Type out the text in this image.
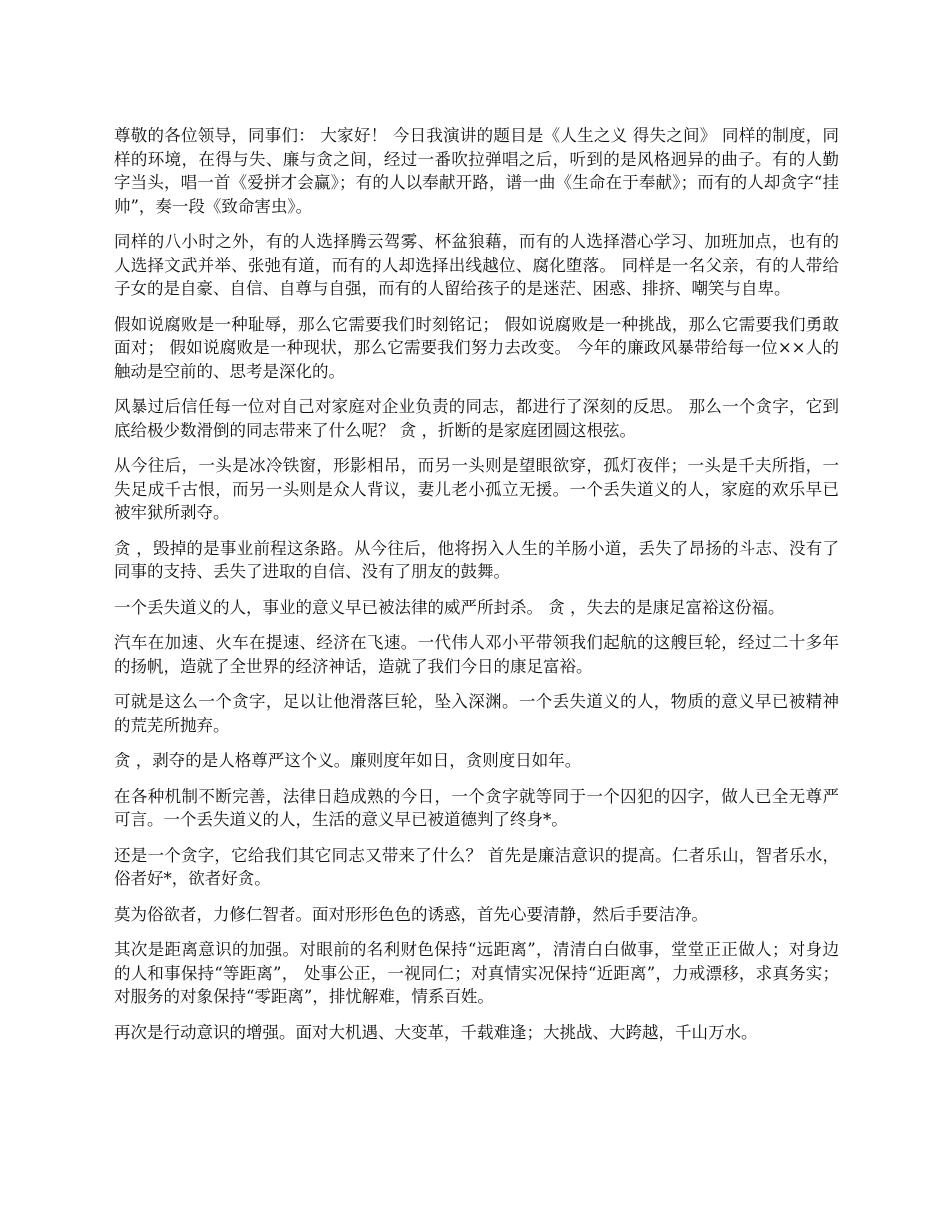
尊敬的各位领导，同事们： 大家好！ 今日我演讲的题目是《人生之义 得失之间》 同样的制度，同样的环境，在得与失、廉与贪之间，经过一番吹拉弹唱之后，听到的是风格迥异的曲子。有的人勤字当头，唱一首《爱拼才会赢》；有的人以奉献开路，谱一曲《生命在于奉献》；而有的人却贪字“挂帅”，奏一段《致命害虫》。

同样的八小时之外，有的人选择腾云驾雾、杯盆狼藉，而有的人选择潜心学习、加班加点，也有的人选择文武并举、张弛有道，而有的人却选择出线越位、腐化堕落。 同样是一名父亲，有的人带给子女的是自豪、自信、自尊与自强，而有的人留给孩子的是迷茫、困惑、排挤、嘲笑与自卑。

假如说腐败是一种耻辱，那么它需要我们时刻铭记； 假如说腐败是一种挑战，那么它需要我们勇敢面对； 假如说腐败是一种现状，那么它需要我们努力去改变。 今年的廉政风暴带给每一位××人的触动是空前的、思考是深化的。

风暴过后信任每一位对自己对家庭对企业负责的同志，都进行了深刻的反思。 那么一个贪字，它到底给极少数滑倒的同志带来了什么呢？ 贪 ，折断的是家庭团圆这根弦。

从今往后，一头是冰冷铁窗，形影相吊，而另一头则是望眼欲穿，孤灯夜伴；一头是千夫所指，一失足成千古恨，而另一头则是众人背议，妻儿老小孤立无援。一个丢失道义的人，家庭的欢乐早已被牢狱所剥夺。

贪 ，毁掉的是事业前程这条路。从今往后，他将拐入人生的羊肠小道，丢失了昂扬的斗志、没有了同事的支持、丢失了进取的自信、没有了朋友的鼓舞。

一个丢失道义的人，事业的意义早已被法律的威严所封杀。 贪 ，失去的是康足富裕这份福。

汽车在加速、火车在提速、经济在飞速。一代伟人邓小平带领我们起航的这艘巨轮，经过二十多年的扬帆，造就了全世界的经济神话，造就了我们今日的康足富裕。

可就是这么一个贪字，足以让他滑落巨轮，坠入深渊。一个丢失道义的人，物质的意义早已被精神的荒芜所抛弃。

贪 ，剥夺的是人格尊严这个义。廉则度年如日，贪则度日如年。

在各种机制不断完善，法律日趋成熟的今日，一个贪字就等同于一个囚犯的囚字，做人已全无尊严可言。一个丢失道义的人，生活的意义早已被道德判了终身*。

还是一个贪字，它给我们其它同志又带来了什么？ 首先是廉洁意识的提高。仁者乐山，智者乐水，俗者好*，欲者好贪。

莫为俗欲者，力修仁智者。面对形形色色的诱惑，首先心要清静，然后手要洁净。

其次是距离意识的加强。对眼前的名利财色保持“远距离”，清清白白做事，堂堂正正做人；对身边的人和事保持“等距离”， 处事公正，一视同仁；对真情实况保持“近距离”，力戒漂移，求真务实；对服务的对象保持“零距离”，排忧解难，情系百姓。

再次是行动意识的增强。面对大机遇、大变革，千载难逢；大挑战、大跨越，千山万水。
